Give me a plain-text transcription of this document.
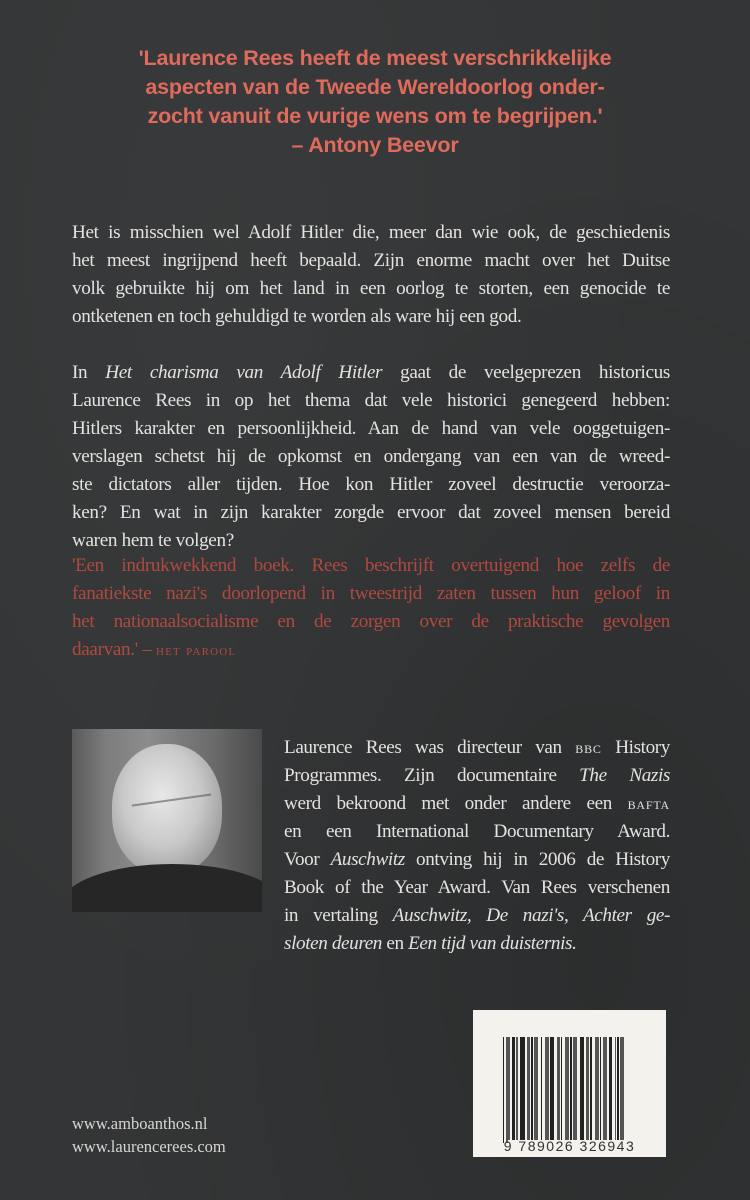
'Laurence Rees heeft de meest verschrikkelijke
aspecten van de Tweede Wereldoorlog onder-
zocht vanuit de vurige wens om te begrijpen.'
– Antony Beevor
Het is misschien wel Adolf Hitler die, meer dan wie ook, de geschiedenis
het meest ingrijpend heeft bepaald. Zijn enorme macht over het Duitse
volk gebruikte hij om het land in een oorlog te storten, een genocide te
ontketenen en toch gehuldigd te worden als ware hij een god.
In Het charisma van Adolf Hitler gaat de veelgeprezen historicus
Laurence Rees in op het thema dat vele historici genegeerd hebben:
Hitlers karakter en persoonlijkheid. Aan de hand van vele ooggetuigen-
verslagen schetst hij de opkomst en ondergang van een van de wreed-
ste dictators aller tijden. Hoe kon Hitler zoveel destructie veroorza-
ken? En wat in zijn karakter zorgde ervoor dat zoveel mensen bereid
waren hem te volgen?
'Een indrukwekkend boek. Rees beschrijft overtuigend hoe zelfs de
fanatiekste nazi's doorlopend in tweestrijd zaten tussen hun geloof in
het nationaalsocialisme en de zorgen over de praktische gevolgen
daarvan.' – het parool
Laurence Rees was directeur van bbc History
Programmes. Zijn documentaire The Nazis
werd bekroond met onder andere een bafta
en een International Documentary Award.
Voor Auschwitz ontving hij in 2006 de History
Book of the Year Award. Van Rees verschenen
in vertaling Auschwitz, De nazi's, Achter ge-
sloten deuren en Een tijd van duisternis.
www.amboanthos.nl
www.laurencerees.com	9 789026 326943
